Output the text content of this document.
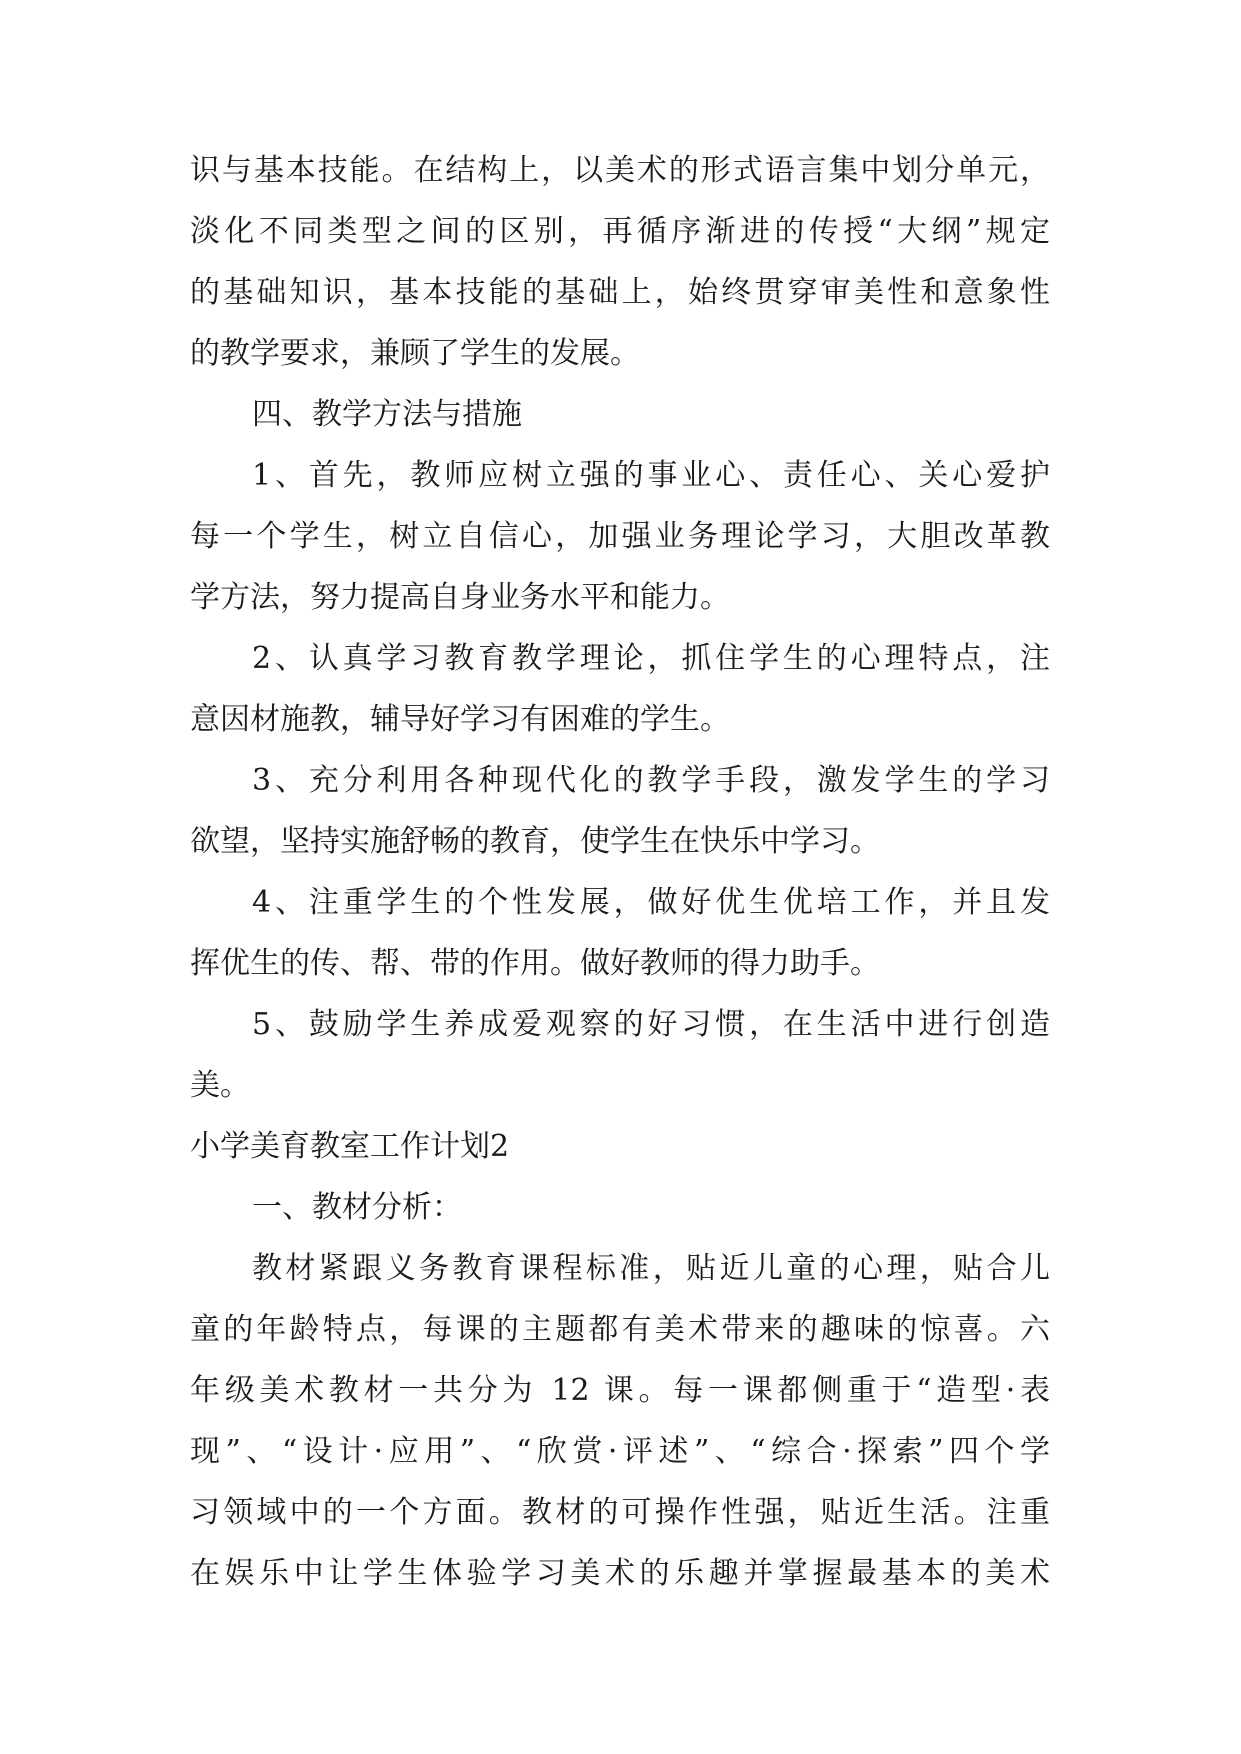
识与基本技能。在结构上，以美术的形式语言集中划分单元，
淡化不同类型之间的区别，再循序渐进的传授“大纲”规定
的基础知识，基本技能的基础上，始终贯穿审美性和意象性
的教学要求，兼顾了学生的发展。
四、教学方法与措施
1、首先，教师应树立强的事业心、责任心、关心爱护
每一个学生，树立自信心，加强业务理论学习，大胆改革教
学方法，努力提高自身业务水平和能力。
2、认真学习教育教学理论，抓住学生的心理特点，注
意因材施教，辅导好学习有困难的学生。
3、充分利用各种现代化的教学手段，激发学生的学习
欲望，坚持实施舒畅的教育，使学生在快乐中学习。
4、注重学生的个性发展，做好优生优培工作，并且发
挥优生的传、帮、带的作用。做好教师的得力助手。
5、鼓励学生养成爱观察的好习惯，在生活中进行创造
美。
小学美育教室工作计划2
一、教材分析：
教材紧跟义务教育课程标准，贴近儿童的心理，贴合儿
童的年龄特点，每课的主题都有美术带来的趣味的惊喜。六
年级美术教材一共分为 12 课。每一课都侧重于“造型·表
现”、“设计·应用”、“欣赏·评述”、“综合·探索”四个学
习领域中的一个方面。教材的可操作性强，贴近生活。注重
在娱乐中让学生体验学习美术的乐趣并掌握最基本的美术
